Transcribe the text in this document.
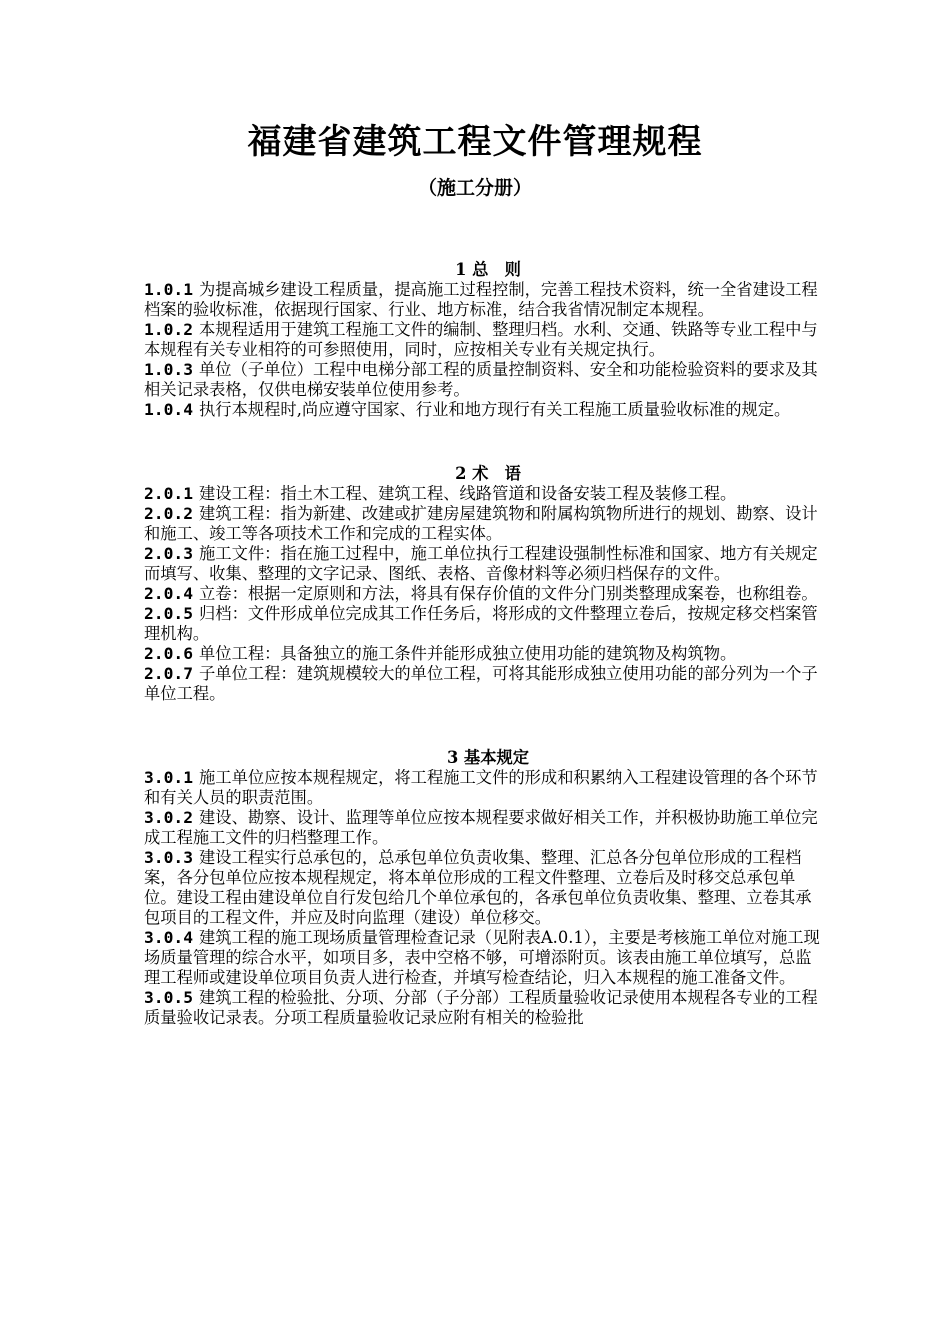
福建省建筑工程文件管理规程
（施工分册）

1 总　则

1.0.1 为提高城乡建设工程质量，提高施工过程控制，完善工程技术资料，统一全省建设工程档案的验收标准，依据现行国家、行业、地方标准，结合我省情况制定本规程。

1.0.2 本规程适用于建筑工程施工文件的编制、整理归档。水利、交通、铁路等专业工程中与本规程有关专业相符的可参照使用，同时，应按相关专业有关规定执行。

1.0.3 单位（子单位）工程中电梯分部工程的质量控制资料、安全和功能检验资料的要求及其相关记录表格，仅供电梯安装单位使用参考。

1.0.4 执行本规程时,尚应遵守国家、行业和地方现行有关工程施工质量验收标准的规定。

2 术　语

2.0.1 建设工程：指土木工程、建筑工程、线路管道和设备安装工程及装修工程。

2.0.2 建筑工程：指为新建、改建或扩建房屋建筑物和附属构筑物所进行的规划、勘察、设计和施工、竣工等各项技术工作和完成的工程实体。

2.0.3 施工文件：指在施工过程中，施工单位执行工程建设强制性标准和国家、地方有关规定而填写、收集、整理的文字记录、图纸、表格、音像材料等必须归档保存的文件。

2.0.4 立卷：根据一定原则和方法，将具有保存价值的文件分门别类整理成案卷，也称组卷。

2.0.5 归档：文件形成单位完成其工作任务后，将形成的文件整理立卷后，按规定移交档案管理机构。

2.0.6 单位工程：具备独立的施工条件并能形成独立使用功能的建筑物及构筑物。

2.0.7 子单位工程：建筑规模较大的单位工程，可将其能形成独立使用功能的部分列为一个子单位工程。

3 基本规定

3.0.1 施工单位应按本规程规定，将工程施工文件的形成和积累纳入工程建设管理的各个环节和有关人员的职责范围。

3.0.2 建设、勘察、设计、监理等单位应按本规程要求做好相关工作，并积极协助施工单位完成工程施工文件的归档整理工作。

3.0.3 建设工程实行总承包的，总承包单位负责收集、整理、汇总各分包单位形成的工程档案，各分包单位应按本规程规定，将本单位形成的工程文件整理、立卷后及时移交总承包单位。建设工程由建设单位自行发包给几个单位承包的，各承包单位负责收集、整理、立卷其承包项目的工程文件，并应及时向监理（建设）单位移交。

3.0.4 建筑工程的施工现场质量管理检查记录（见附表A.0.1），主要是考核施工单位对施工现场质量管理的综合水平，如项目多，表中空格不够，可增添附页。该表由施工单位填写，总监理工程师或建设单位项目负责人进行检查，并填写检查结论，归入本规程的施工准备文件。

3.0.5 建筑工程的检验批、分项、分部（子分部）工程质量验收记录使用本规程各专业的工程质量验收记录表。分项工程质量验收记录应附有相关的检验批
